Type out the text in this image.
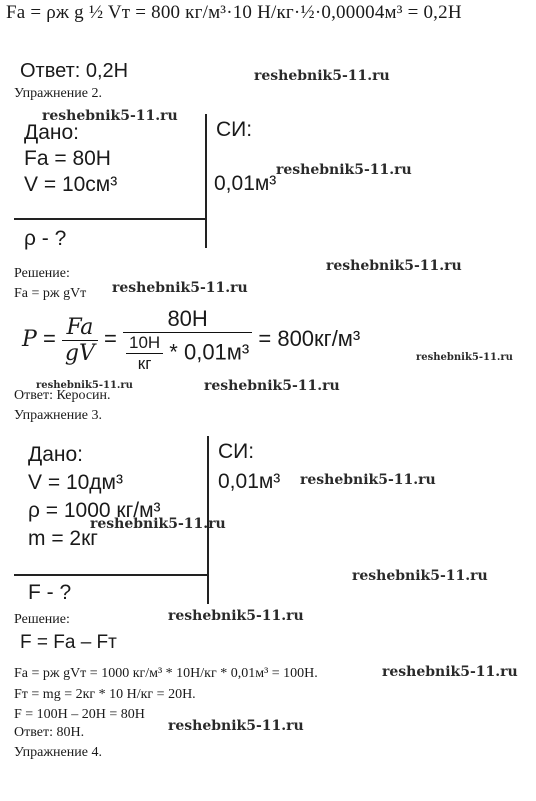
Fа = ρж g ½ Vт = 800 кг/м³·10 Н/кг·½·0,00004м³ = 0,2Н
Ответ: 0,2Н
Упражнение 2.
Дано:
Fа = 80Н
V = 10см³
ρ - ?
СИ:
0,01м³
Решение:
Fа = pж gVт
$P = \frac{Fa}{gV} = \frac{80H}{\frac{10H}{кг} * 0,01м^3} = 800кг/м^3$
Ответ: Керосин.
Упражнение 3.
Дано:
V = 10дм³
ρ = 1000 кг/м³
m = 2кг
F - ?
СИ:
0,01м³
Решение:
F = Fа – Fт
Fа = pж gVт = 1000 кг/м³ * 10Н/кг * 0,01м³ = 100Н.
Fт = mg = 2кг * 10 Н/кг = 20Н.
F = 100Н – 20Н = 80Н
Ответ: 80Н.
Упражнение 4.
reshebnik5-11.ru
reshebnik5-11.ru
reshebnik5-11.ru
reshebnik5-11.ru
reshebnik5-11.ru
reshebnik5-11.ru
reshebnik5-11.ru	reshebnik5-11.ru
reshebnik5-11.ru
reshebnik5-11.ru
reshebnik5-11.ru
reshebnik5-11.ru
reshebnik5-11.ru
reshebnik5-11.ru
